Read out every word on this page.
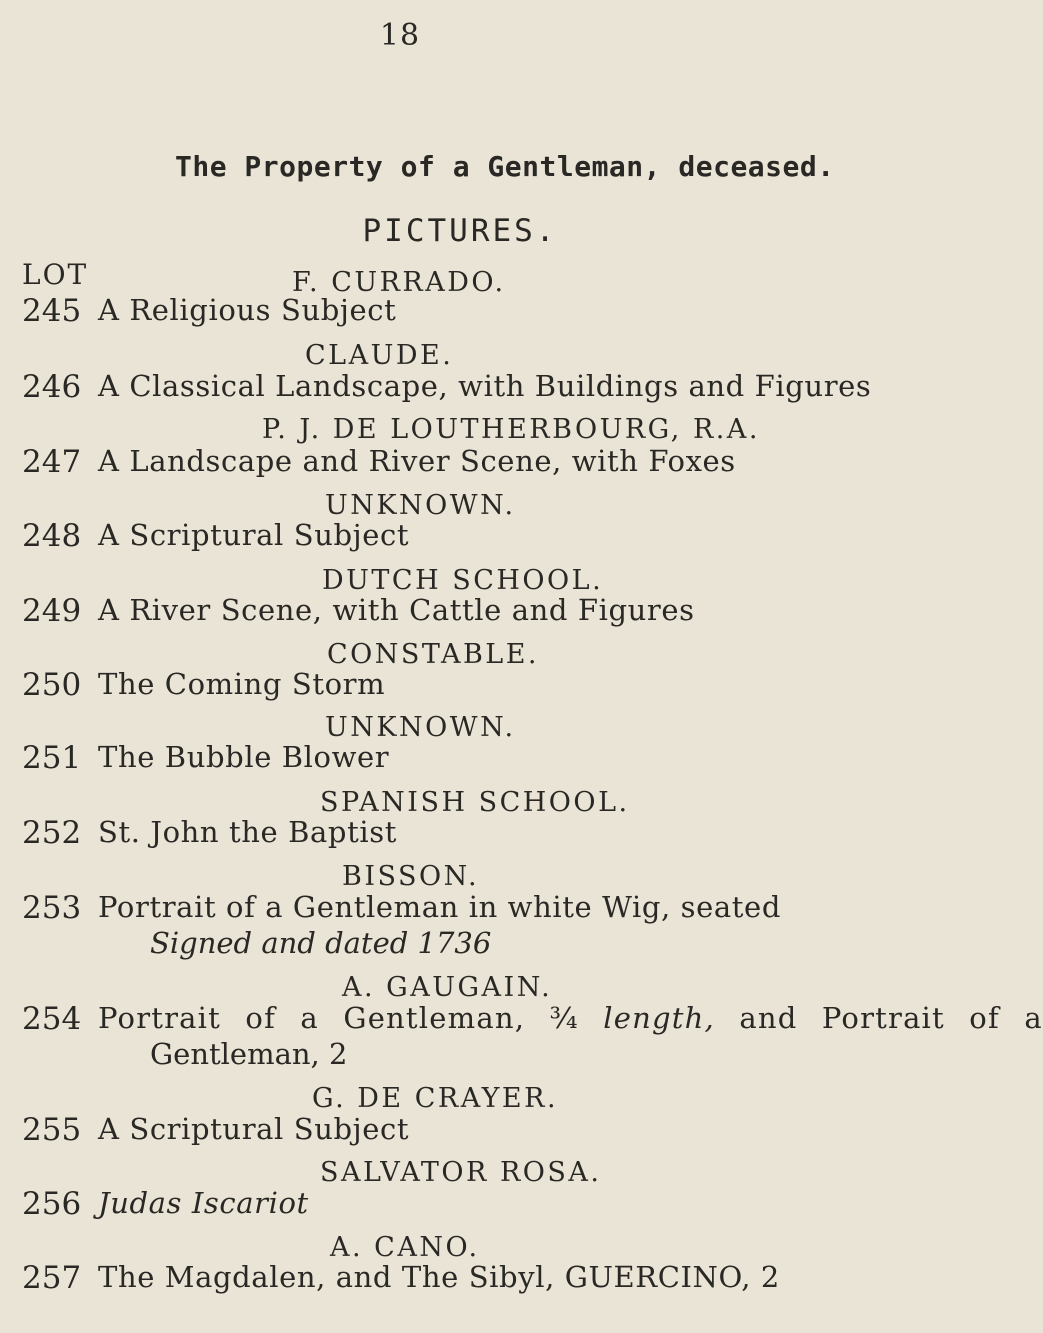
18
The Property of a Gentleman, deceased.
PICTURES.
LOT
245
F. CURRADO.
A Religious Subject
246
CLAUDE.
A Classical Landscape, with Buildings and Figures
247
P. J. DE LOUTHERBOURG, R.A.
A Landscape and River Scene, with Foxes
248
UNKNOWN.
A Scriptural Subject
249
DUTCH SCHOOL.
A River Scene, with Cattle and Figures
250
CONSTABLE.
The Coming Storm
251
UNKNOWN.
The Bubble Blower
252
SPANISH SCHOOL.
St. John the Baptist
253
BISSON.
Portrait of a Gentleman in white Wig, seated
Signed and dated 1736
254
A. GAUGAIN.
Portrait of a Gentleman, ¾ length, and Portrait of a
Gentleman, 2
255
G. DE CRAYER.
A Scriptural Subject
256
SALVATOR ROSA.
Judas Iscariot
257
A. CANO.
The Magdalen, and The Sibyl, GUERCINO, 2
